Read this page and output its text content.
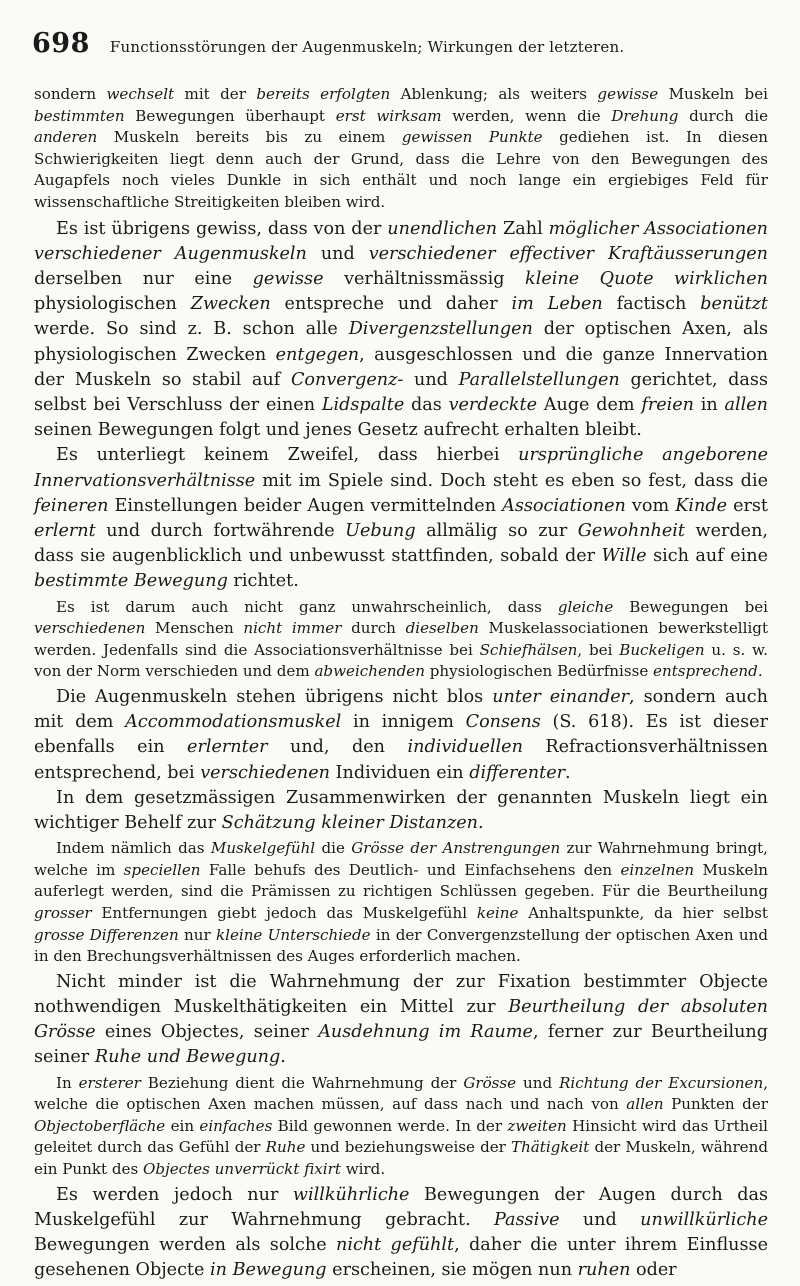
698 Functionsstörungen der Augenmuskeln; Wirkungen der letzteren.

sondern wechselt mit der bereits erfolgten Ablenkung; als weiters gewisse Muskeln bei bestimmten Bewegungen überhaupt erst wirksam werden, wenn die Drehung durch die anderen Muskeln bereits bis zu einem gewissen Punkte gediehen ist. In diesen Schwierigkeiten liegt denn auch der Grund, dass die Lehre von den Bewegungen des Augapfels noch vieles Dunkle in sich enthält und noch lange ein ergiebiges Feld für wissenschaftliche Streitigkeiten bleiben wird.

Es ist übrigens gewiss, dass von der unendlichen Zahl möglicher Associationen verschiedener Augenmuskeln und verschiedener effectiver Kraftäusserungen derselben nur eine gewisse verhältnissmässig kleine Quote wirklichen physiologischen Zwecken entspreche und daher im Leben factisch benützt werde. So sind z. B. schon alle Divergenzstellungen der optischen Axen, als physiologischen Zwecken entgegen, ausgeschlossen und die ganze Innervation der Muskeln so stabil auf Convergenz- und Parallelstellungen gerichtet, dass selbst bei Verschluss der einen Lidspalte das verdeckte Auge dem freien in allen seinen Bewegungen folgt und jenes Gesetz aufrecht erhalten bleibt.

Es unterliegt keinem Zweifel, dass hierbei ursprüngliche angeborene Innervationsverhältnisse mit im Spiele sind. Doch steht es eben so fest, dass die feineren Einstellungen beider Augen vermittelnden Associationen vom Kinde erst erlernt und durch fortwährende Uebung allmälig so zur Gewohnheit werden, dass sie augenblicklich und unbewusst stattfinden, sobald der Wille sich auf eine bestimmte Bewegung richtet.

Es ist darum auch nicht ganz unwahrscheinlich, dass gleiche Bewegungen bei verschiedenen Menschen nicht immer durch dieselben Muskelassociationen bewerkstelligt werden. Jedenfalls sind die Associationsverhältnisse bei Schiefhälsen, bei Buckeligen u. s. w. von der Norm verschieden und dem abweichenden physiologischen Bedürfnisse entsprechend.

Die Augenmuskeln stehen übrigens nicht blos unter einander, sondern auch mit dem Accommodationsmuskel in innigem Consens (S. 618). Es ist dieser ebenfalls ein erlernter und, den individuellen Refractionsverhältnissen entsprechend, bei verschiedenen Individuen ein differenter.

In dem gesetzmässigen Zusammenwirken der genannten Muskeln liegt ein wichtiger Behelf zur Schätzung kleiner Distanzen.

Indem nämlich das Muskelgefühl die Grösse der Anstrengungen zur Wahrnehmung bringt, welche im speciellen Falle behufs des Deutlich- und Einfachsehens den einzelnen Muskeln auferlegt werden, sind die Prämissen zu richtigen Schlüssen gegeben. Für die Beurtheilung grosser Entfernungen giebt jedoch das Muskelgefühl keine Anhaltspunkte, da hier selbst grosse Differenzen nur kleine Unterschiede in der Convergenzstellung der optischen Axen und in den Brechungsverhältnissen des Auges erforderlich machen.

Nicht minder ist die Wahrnehmung der zur Fixation bestimmter Objecte nothwendigen Muskelthätigkeiten ein Mittel zur Beurtheilung der absoluten Grösse eines Objectes, seiner Ausdehnung im Raume, ferner zur Beurtheilung seiner Ruhe und Bewegung.

In ersterer Beziehung dient die Wahrnehmung der Grösse und Richtung der Excursionen, welche die optischen Axen machen müssen, auf dass nach und nach von allen Punkten der Objectoberfläche ein einfaches Bild gewonnen werde. In der zweiten Hinsicht wird das Urtheil geleitet durch das Gefühl der Ruhe und beziehungsweise der Thätigkeit der Muskeln, während ein Punkt des Objectes unverrückt fixirt wird.

Es werden jedoch nur willkührliche Bewegungen der Augen durch das Muskelgefühl zur Wahrnehmung gebracht. Passive und unwillkürliche Bewegungen werden als solche nicht gefühlt, daher die unter ihrem Einflusse gesehenen Objecte in Bewegung erscheinen, sie mögen nun ruhen oder
